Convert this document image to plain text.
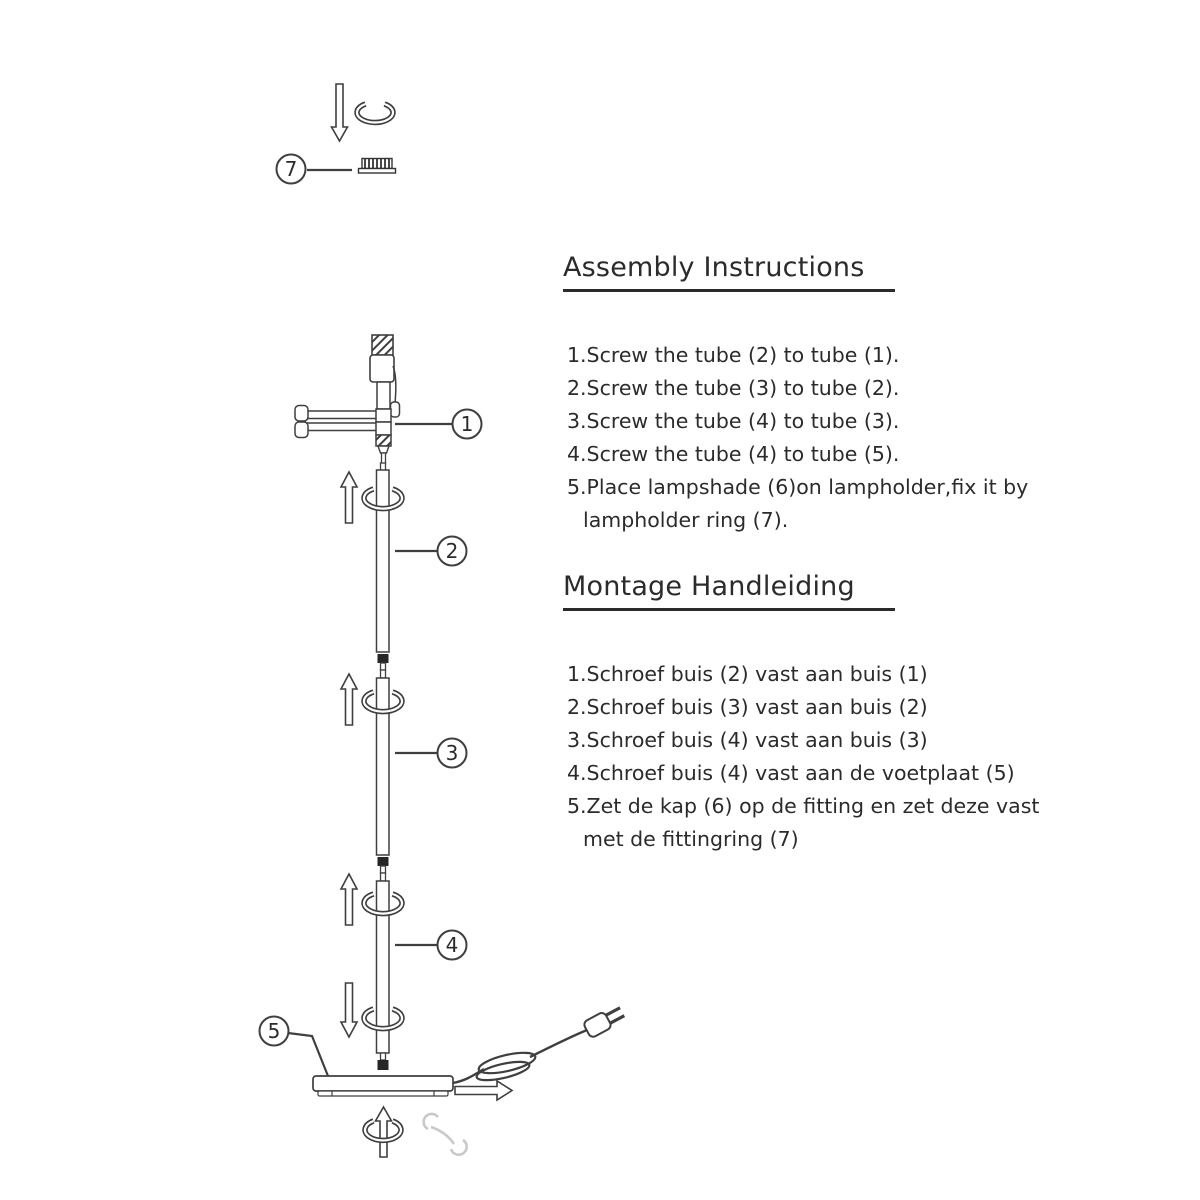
7
1
2
3
4
5
Assembly Instructions
1.Screw the tube (2) to tube (1).
2.Screw the tube (3) to tube (2).
3.Screw the tube (4) to tube (3).
4.Screw the tube (4) to tube (5).
5.Place lampshade (6)on lampholder,fix it by
lampholder ring (7).
Montage Handleiding
1.Schroef buis (2) vast aan buis (1)
2.Schroef buis (3) vast aan buis (2)
3.Schroef buis (4) vast aan buis (3)
4.Schroef buis (4) vast aan de voetplaat (5)
5.Zet de kap (6) op de fitting en zet deze vast
met de fittingring (7)
